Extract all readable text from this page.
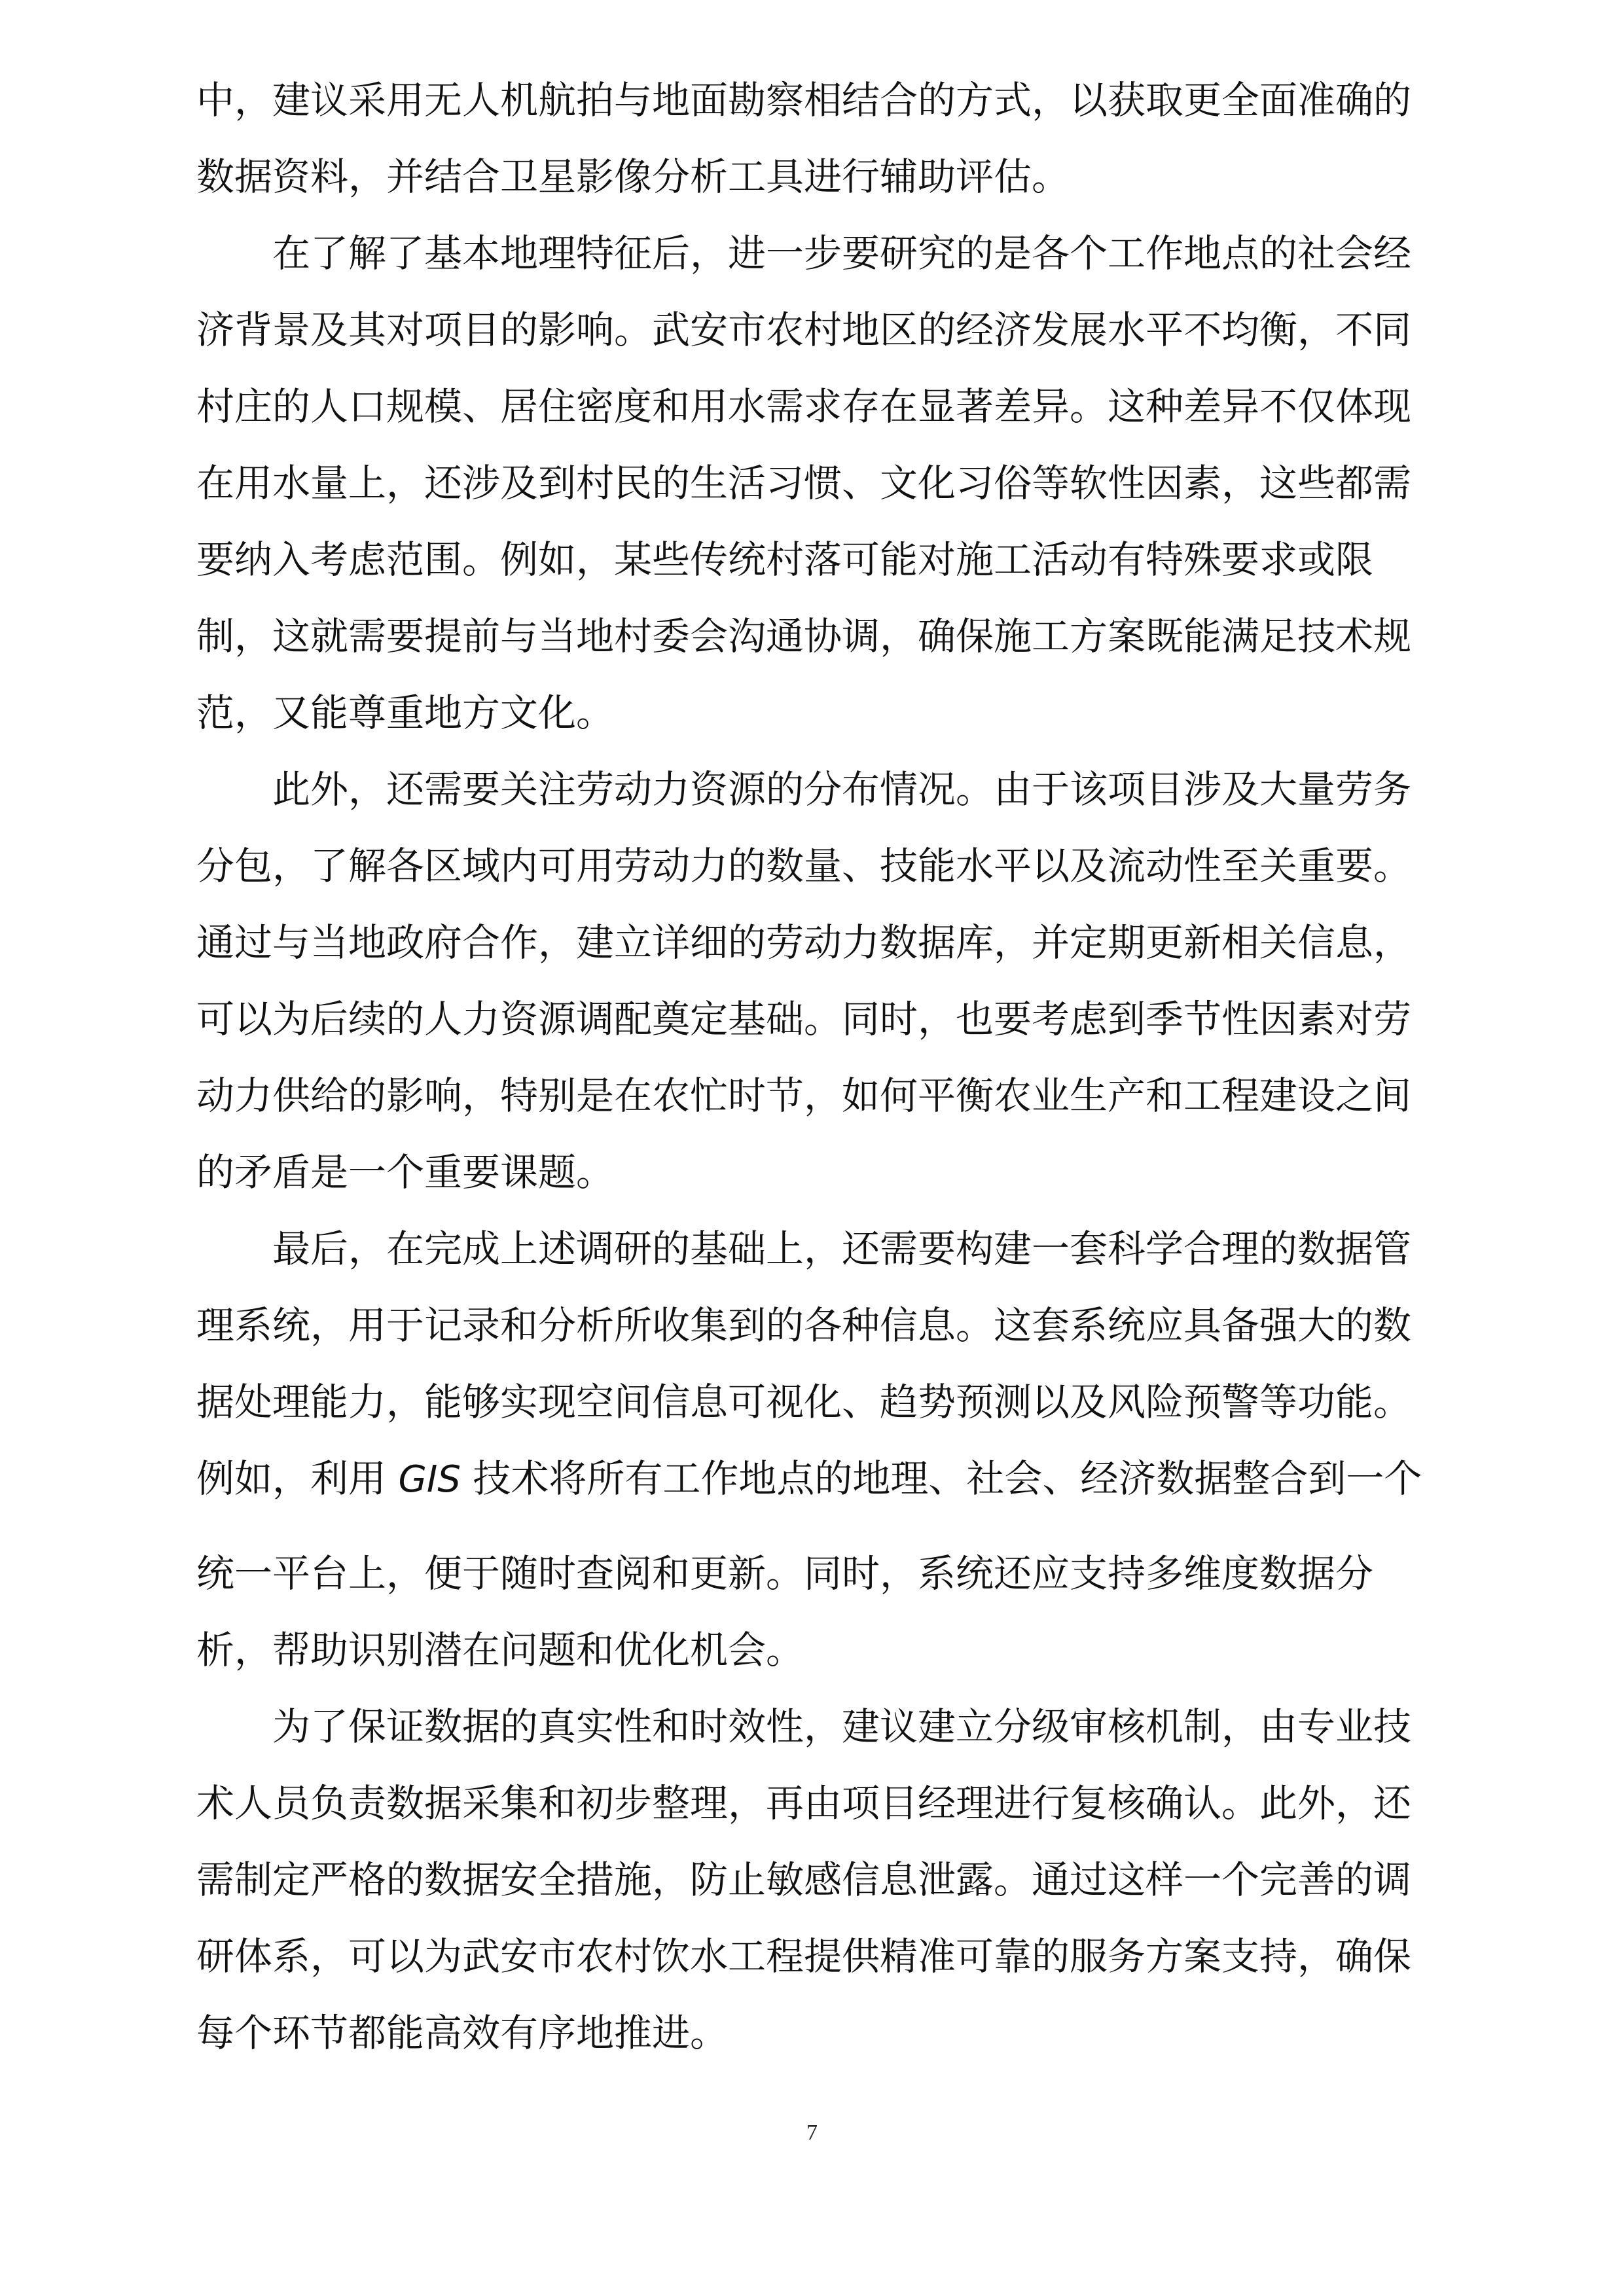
中，建议采用无人机航拍与地面勘察相结合的方式，以获取更全面准确的
数据资料，并结合卫星影像分析工具进行辅助评估。
在了解了基本地理特征后，进一步要研究的是各个工作地点的社会经
济背景及其对项目的影响。武安市农村地区的经济发展水平不均衡，不同
村庄的人口规模、居住密度和用水需求存在显著差异。这种差异不仅体现
在用水量上，还涉及到村民的生活习惯、文化习俗等软性因素，这些都需
要纳入考虑范围。例如，某些传统村落可能对施工活动有特殊要求或限
制，这就需要提前与当地村委会沟通协调，确保施工方案既能满足技术规
范，又能尊重地方文化。
此外，还需要关注劳动力资源的分布情况。由于该项目涉及大量劳务
分包，了解各区域内可用劳动力的数量、技能水平以及流动性至关重要。
通过与当地政府合作，建立详细的劳动力数据库，并定期更新相关信息，
可以为后续的人力资源调配奠定基础。同时，也要考虑到季节性因素对劳
动力供给的影响，特别是在农忙时节，如何平衡农业生产和工程建设之间
的矛盾是一个重要课题。
最后，在完成上述调研的基础上，还需要构建一套科学合理的数据管
理系统，用于记录和分析所收集到的各种信息。这套系统应具备强大的数
据处理能力，能够实现空间信息可视化、趋势预测以及风险预警等功能。
例如，利用 GIS 技术将所有工作地点的地理、社会、经济数据整合到一个
统一平台上，便于随时查阅和更新。同时，系统还应支持多维度数据分
析，帮助识别潜在问题和优化机会。
为了保证数据的真实性和时效性，建议建立分级审核机制，由专业技
术人员负责数据采集和初步整理，再由项目经理进行复核确认。此外，还
需制定严格的数据安全措施，防止敏感信息泄露。通过这样一个完善的调
研体系，可以为武安市农村饮水工程提供精准可靠的服务方案支持，确保
每个环节都能高效有序地推进。
7
